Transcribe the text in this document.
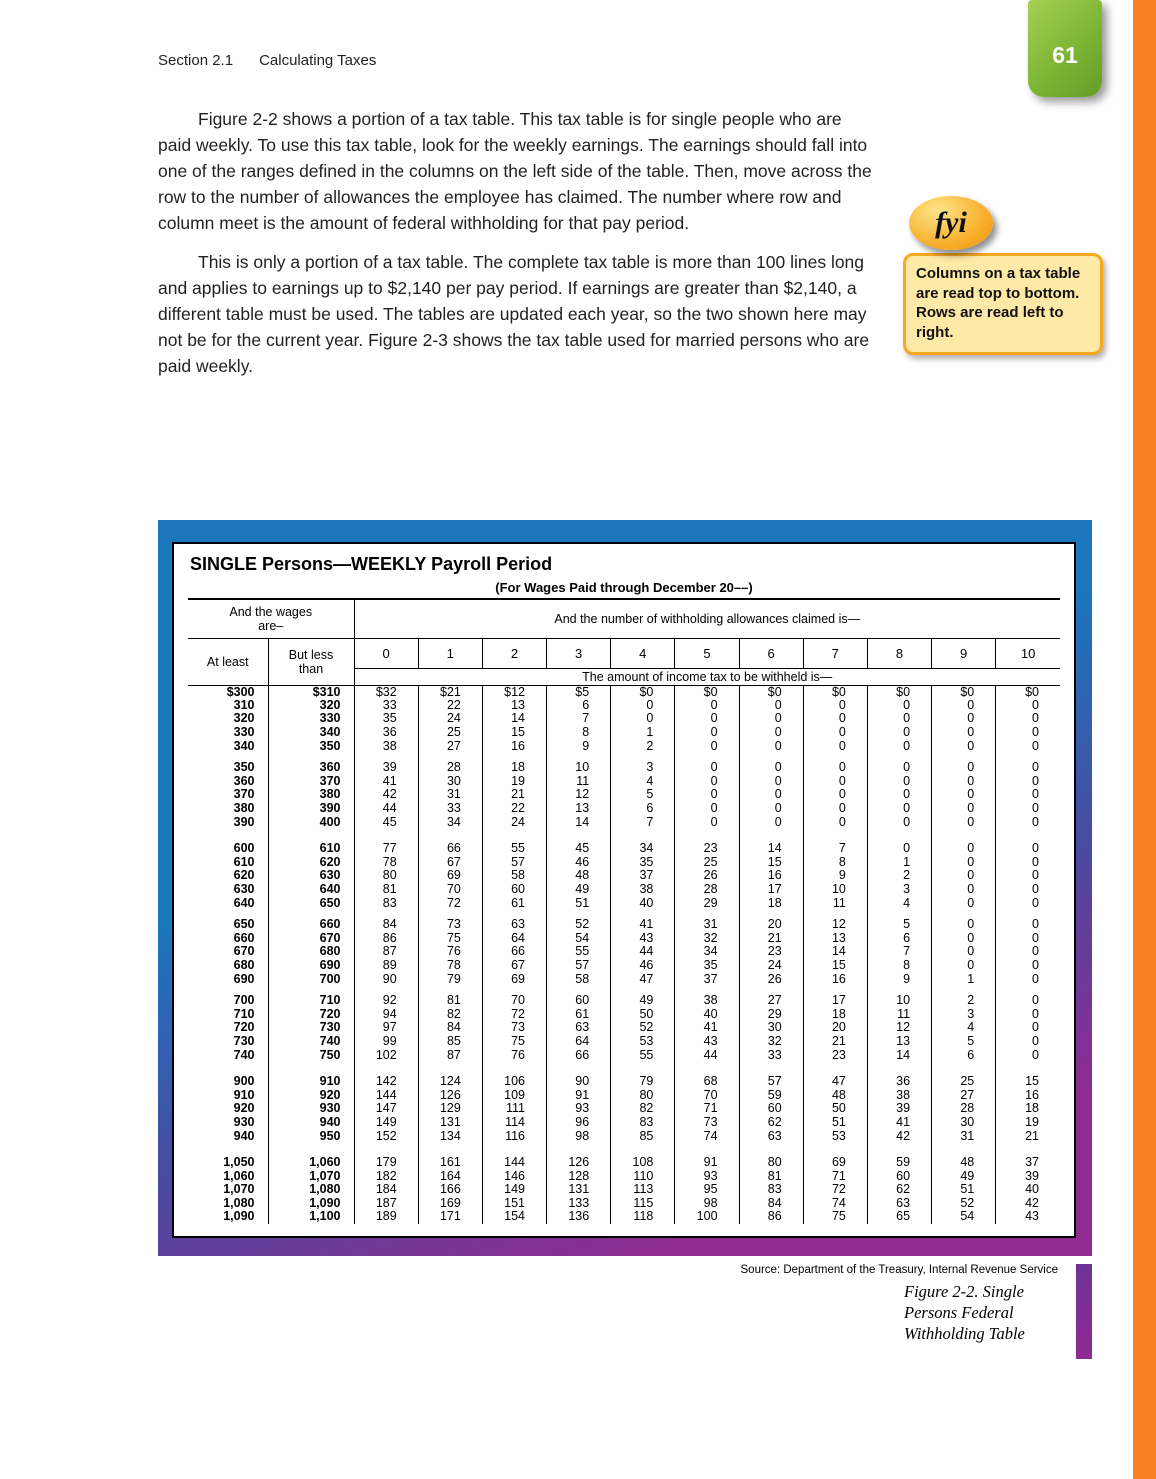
61
Section 2.1 Calculating Taxes

Figure 2-2 shows a portion of a tax table. This tax table is for single people who are paid weekly. To use this tax table, look for the weekly earnings. The earnings should fall into one of the ranges defined in the columns on the left side of the table. Then, move across the row to the number of allowances the employee has claimed. The number where row and column meet is the amount of federal withholding for that pay period.

This is only a portion of a tax table. The complete tax table is more than 100 lines long and applies to earnings up to $2,140 per pay period. If earnings are greater than $2,140, a different table must be used. The tables are updated each year, so the two shown here may not be for the current year. Figure 2-3 shows the tax table used for married persons who are paid weekly.

fyi
Columns on a tax table are read top to bottom. Rows are read left to right.
SINGLE Persons—WEEKLY Payroll Period
(For Wages Paid through December 20––)
And the wages are–		And the number of withholding allowances claimed is—										
At least	But less than	0	1	2	3	4	5	6	7	8	9	10
		The amount of income tax to be withheld is—										
$300	$310	$32	$21	$12	$5	$0	$0	$0	$0	$0	$0	$0
310	320	33	22	13	6	0	0	0	0	0	0	0
320	330	35	24	14	7	0	0	0	0	0	0	0
330	340	36	25	15	8	1	0	0	0	0	0	0
340	350	38	27	16	9	2	0	0	0	0	0	0

350	360	39	28	18	10	3	0	0	0	0	0	0
360	370	41	30	19	11	4	0	0	0	0	0	0
370	380	42	31	21	12	5	0	0	0	0	0	0
380	390	44	33	22	13	6	0	0	0	0	0	0
390	400	45	34	24	14	7	0	0	0	0	0	0

600	610	77	66	55	45	34	23	14	7	0	0	0
610	620	78	67	57	46	35	25	15	8	1	0	0
620	630	80	69	58	48	37	26	16	9	2	0	0
630	640	81	70	60	49	38	28	17	10	3	0	0
640	650	83	72	61	51	40	29	18	11	4	0	0

650	660	84	73	63	52	41	31	20	12	5	0	0
660	670	86	75	64	54	43	32	21	13	6	0	0
670	680	87	76	66	55	44	34	23	14	7	0	0
680	690	89	78	67	57	46	35	24	15	8	0	0
690	700	90	79	69	58	47	37	26	16	9	1	0

700	710	92	81	70	60	49	38	27	17	10	2	0
710	720	94	82	72	61	50	40	29	18	11	3	0
720	730	97	84	73	63	52	41	30	20	12	4	0
730	740	99	85	75	64	53	43	32	21	13	5	0
740	750	102	87	76	66	55	44	33	23	14	6	0

900	910	142	124	106	90	79	68	57	47	36	25	15
910	920	144	126	109	91	80	70	59	48	38	27	16
920	930	147	129	111	93	82	71	60	50	39	28	18
930	940	149	131	114	96	83	73	62	51	41	30	19
940	950	152	134	116	98	85	74	63	53	42	31	21

1,050	1,060	179	161	144	126	108	91	80	69	59	48	37
1,060	1,070	182	164	146	128	110	93	81	71	60	49	39
1,070	1,080	184	166	149	131	113	95	83	72	62	51	40
1,080	1,090	187	169	151	133	115	98	84	74	63	52	42
1,090	1,100	189	171	154	136	118	100	86	75	65	54	43
Source: Department of the Treasury, Internal Revenue Service
Figure 2-2. Single Persons Federal Withholding Table
